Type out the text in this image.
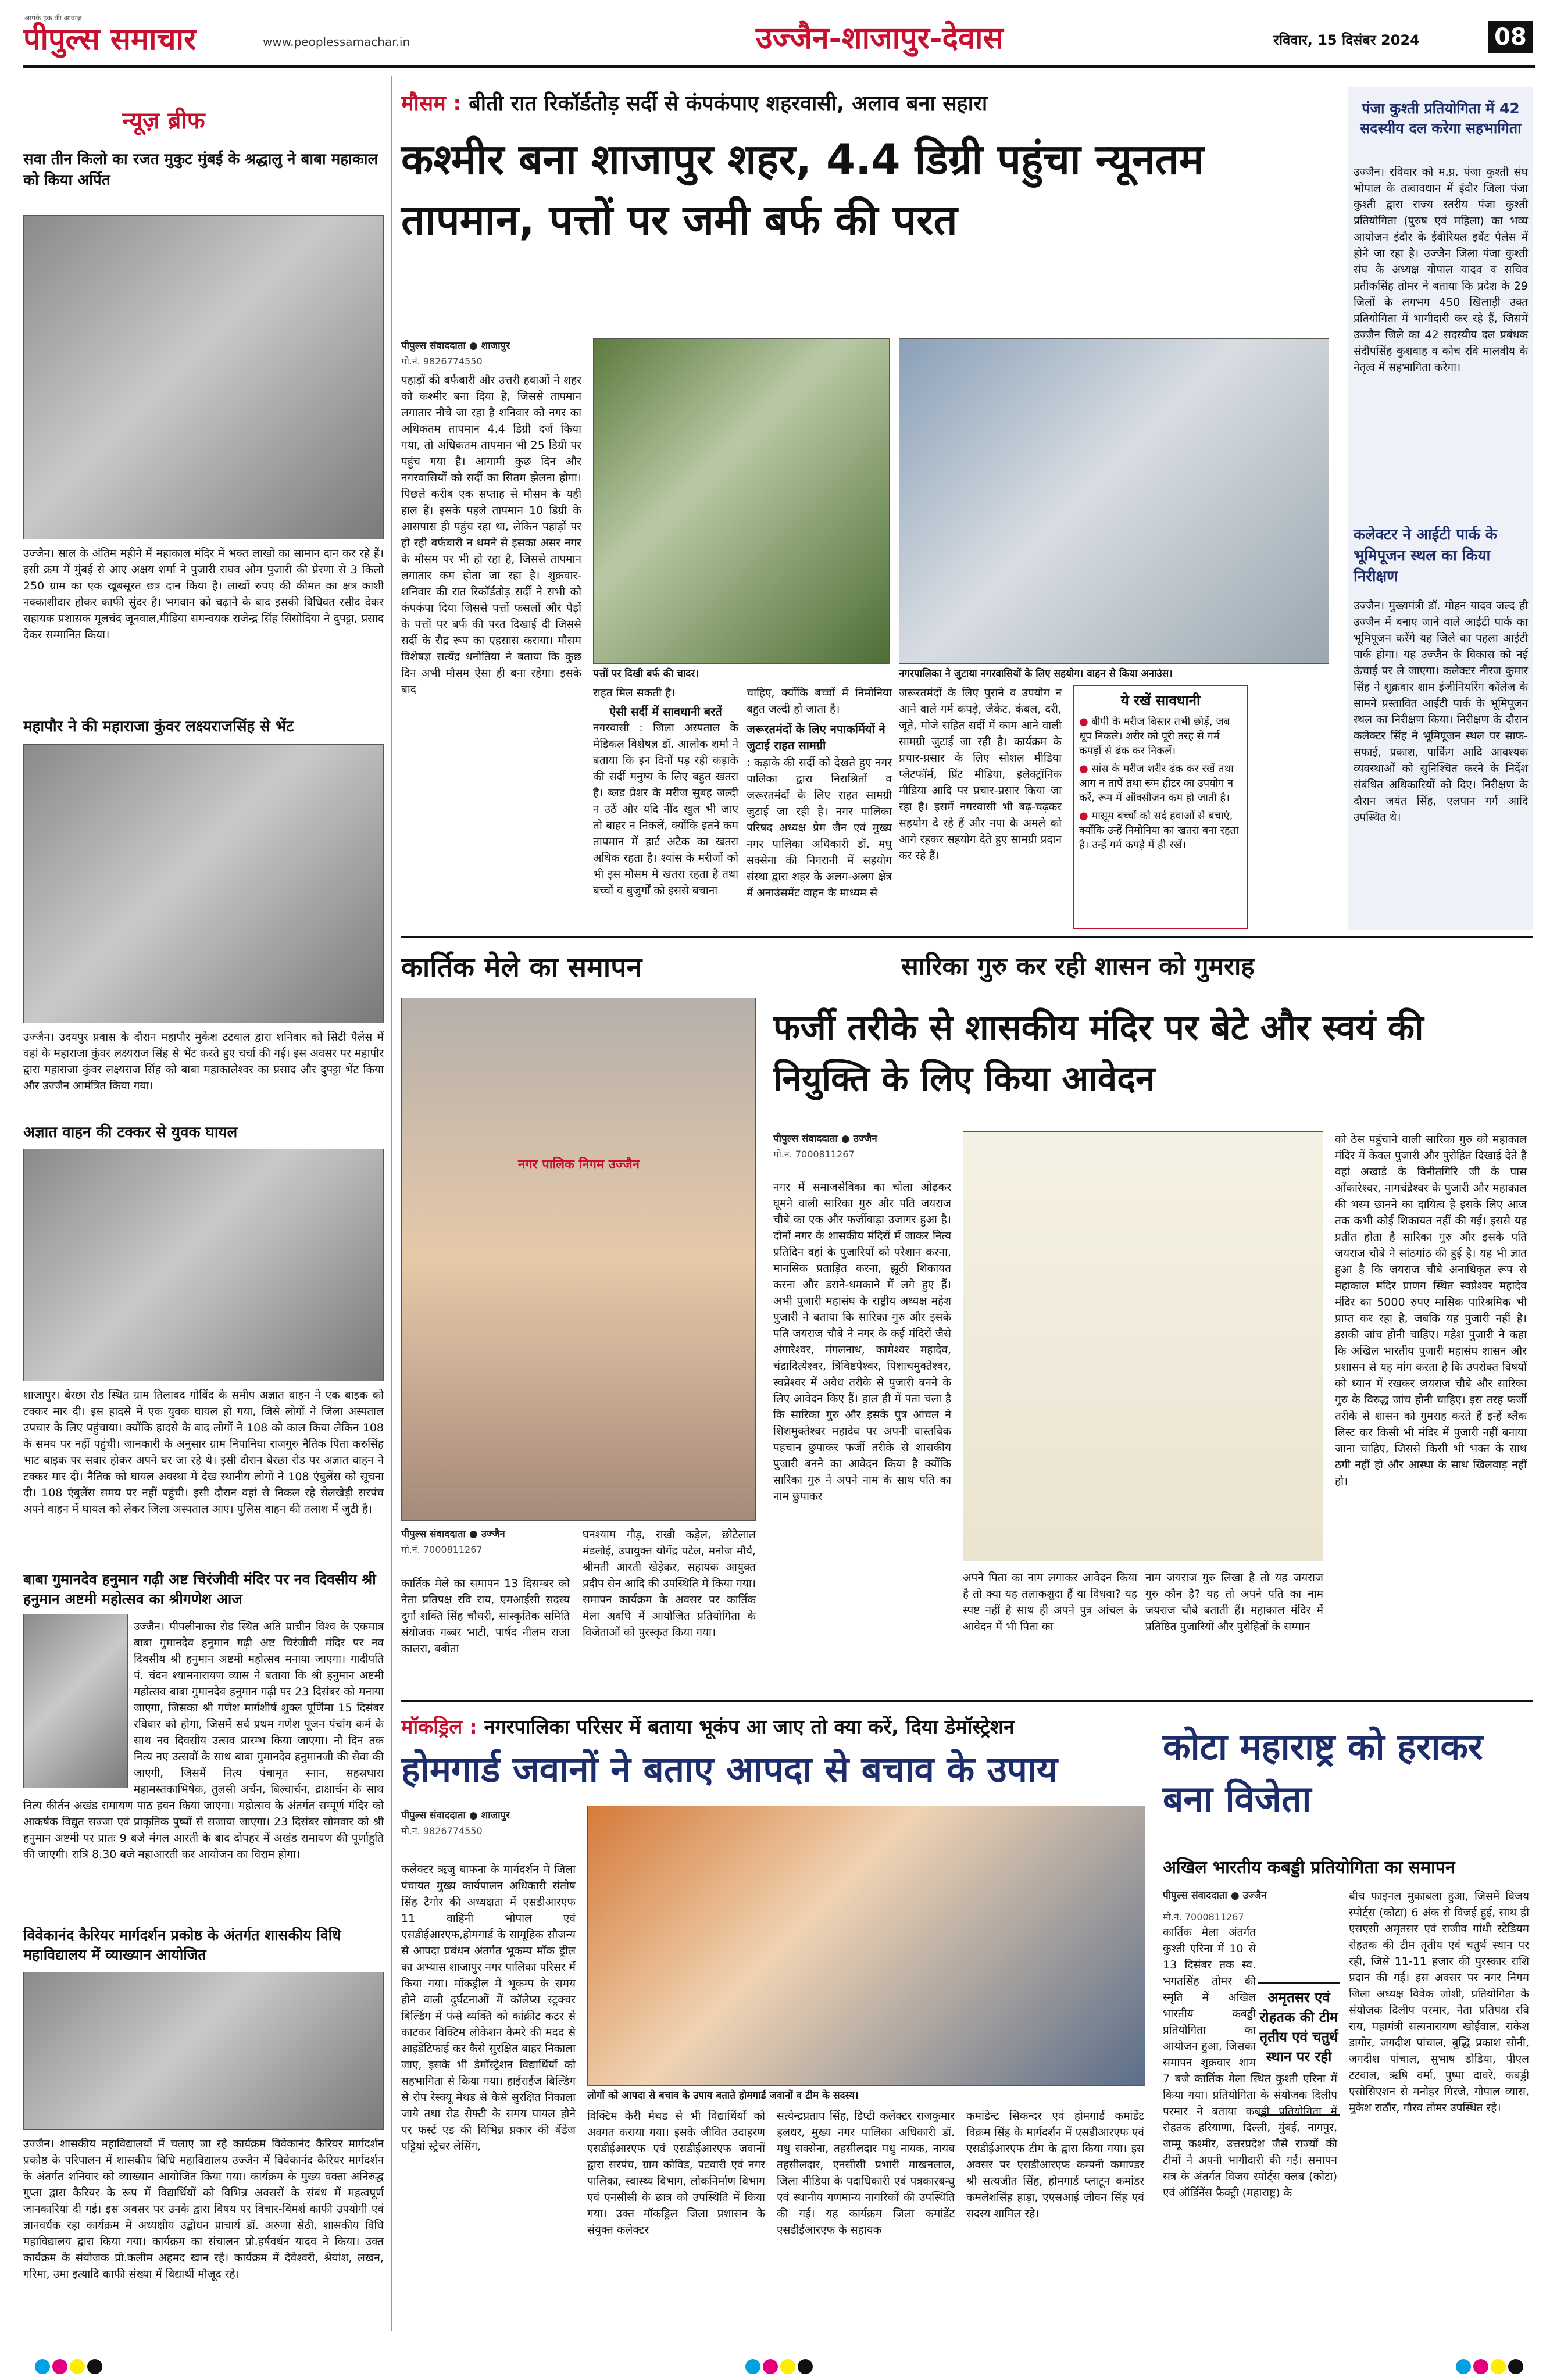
पीपुल्स समाचार
आपके हक की आवाज़
www.peoplessamachar.in	उज्जैन-शाजापुर-देवास	रविवार, 15 दिसंबर 2024	08
न्यूज़ ब्रीफ
सवा तीन किलो का रजत मुकुट मुंबई के श्रद्धालु ने बाबा महाकाल को किया अर्पित
उज्जैन। साल के अंतिम महीने में महाकाल मंदिर में भक्त लाखों का सामान दान कर रहे हैं। इसी क्रम में मुंबई से आए अक्षय शर्मा ने पुजारी राघव ओम पुजारी की प्रेरणा से 3 किलो 250 ग्राम का एक खूबसूरत छत्र दान किया है। लाखों रुपए की कीमत का क्षत्र काशी नक्काशीदार होकर काफी सुंदर है। भगवान को चढ़ाने के बाद इसकी विधिवत रसीद देकर सहायक प्रशासक मूलचंद जूनवाल,मीडिया समन्वयक राजेन्द्र सिंह सिसोदिया ने दुपट्टा, प्रसाद देकर सम्मानित किया।
महापौर ने की महाराजा कुंवर लक्ष्यराजसिंह से भेंट
उज्जैन। उदयपुर प्रवास के दौरान महापौर मुकेश टटवाल द्वारा शनिवार को सिटी पैलेस में वहां के महाराजा कुंवर लक्ष्यराज सिंह से भेंट करते हुए चर्चा की गई। इस अवसर पर महापौर द्वारा महाराजा कुंवर लक्ष्यराज सिंह को बाबा महाकालेश्वर का प्रसाद और दुपट्टा भेंट किया और उज्जैन आमंत्रित किया गया।
अज्ञात वाहन की टक्कर से युवक घायल
शाजापुर। बेरछा रोड स्थित ग्राम तिलावद गोविंद के समीप अज्ञात वाहन ने एक बाइक को टक्कर मार दी। इस हादसे में एक युवक घायल हो गया, जिसे लोगों ने जिला अस्पताल उपचार के लिए पहुंचाया। क्योंकि हादसे के बाद लोगों ने 108 को काल किया लेकिन 108 के समय पर नहीं पहुंची। जानकारी के अनुसार ग्राम निपानिया राजगुरु नैतिक पिता करुसिंह भाट बाइक पर सवार होकर अपने घर जा रहे थे। इसी दौरान बेरछा रोड पर अज्ञात वाहन ने टक्कर मार दी। नैतिक को घायल अवस्था में देख स्थानीय लोगों ने 108 एंबुलेंस को सूचना दी। 108 एंबुलेंस समय पर नहीं पहुंची। इसी दौरान वहां से निकल रहे सेलखेड़ी सरपंच अपने वाहन में घायल को लेकर जिला अस्पताल आए। पुलिस वाहन की तलाश में जुटी है।
बाबा गुमानदेव हनुमान गढ़ी अष्ट चिरंजीवी मंदिर पर नव दिवसीय श्री हनुमान अष्टमी महोत्सव का श्रीगणेश आज
उज्जैन। पीपलीनाका रोड स्थित अति प्राचीन विश्व के एकमात्र बाबा गुमानदेव हनुमान गढ़ी अष्ट चिरंजीवी मंदिर पर नव दिवसीय श्री हनुमान अष्टमी महोत्सव मनाया जाएगा। गादीपति पं. चंदन श्यामनारायण व्यास ने बताया कि श्री हनुमान अष्टमी महोत्सव बाबा गुमानदेव हनुमान गढ़ी पर 23 दिसंबर को मनाया जाएगा, जिसका श्री गणेश मार्गशीर्ष शुक्ल पूर्णिमा 15 दिसंबर रविवार को होगा, जिसमें सर्व प्रथम गणेश पूजन पंचांग कर्म के साथ नव दिवसीय उत्सव प्रारम्भ किया जाएगा। नौ दिन तक नित्य नए उत्सवों के साथ बाबा गुमानदेव हनुमानजी की सेवा की जाएगी, जिसमें नित्य पंचामृत स्नान, सहस्रधारा महामस्तकाभिषेक, तुलसी अर्चन, बिल्वार्चन, द्राक्षार्चन के साथ नित्य कीर्तन अखंड रामायण पाठ हवन किया जाएगा। महोत्सव के अंतर्गत सम्पूर्ण मंदिर को आकर्षक विद्युत सज्जा एवं प्राकृतिक पुष्पों से सजाया जाएगा। 23 दिसंबर सोमवार को श्री हनुमान अष्टमी पर प्रातः 9 बजे मंगल आरती के बाद दोपहर में अखंड रामायण की पूर्णाहुति की जाएगी। रात्रि 8.30 बजे महाआरती कर आयोजन का विराम होगा।
विवेकानंद कैरियर मार्गदर्शन प्रकोष्ठ के अंतर्गत शासकीय विधि महाविद्यालय में व्याख्यान आयोजित
उज्जैन। शासकीय महाविद्यालयों में चलाए जा रहे कार्यक्रम विवेकानंद कैरियर मार्गदर्शन प्रकोष्ठ के परिपालन में शासकीय विधि महाविद्यालय उज्जैन में विवेकानंद कैरियर मार्गदर्शन के अंतर्गत शनिवार को व्याख्यान आयोजित किया गया। कार्यक्रम के मुख्य वक्ता अनिरुद्ध गुप्ता द्वारा कैरियर के रूप में विद्यार्थियों को विभिन्न अवसरों के संबंध में महत्वपूर्ण जानकारियां दी गई। इस अवसर पर उनके द्वारा विषय पर विचार-विमर्श काफी उपयोगी एवं ज्ञानवर्धक रहा कार्यक्रम में अध्यक्षीय उद्बोधन प्राचार्य डॉ. अरुणा सेठी, शासकीय विधि महाविद्यालय द्वारा किया गया। कार्यक्रम का संचालन प्रो.हर्षवर्धन यादव ने किया। उक्त कार्यक्रम के संयोजक प्रो.कलीम अहमद खान रहे। कार्यक्रम में देवेश्वरी, श्रेयांश, लखन, गरिमा, उमा इत्यादि काफी संख्या में विद्यार्थी मौजूद रहे।
मौसम : बीती रात रिकॉर्डतोड़ सर्दी से कंपकंपाए शहरवासी, अलाव बना सहारा
कश्मीर बना शाजापुर शहर, 4.4 डिग्री पहुंचा न्यूनतम तापमान, पत्तों पर जमी बर्फ की परत
पीपुल्स संवाददाता ● शाजापुर
मो.नं. 9826774550
पहाड़ों की बर्फबारी और उत्तरी हवाओं ने शहर को कश्मीर बना दिया है, जिससे तापमान लगातार नीचे जा रहा है शनिवार को नगर का अधिकतम तापमान 4.4 डिग्री दर्ज किया गया, तो अधिकतम तापमान भी 25 डिग्री पर पहुंच गया है। आगामी कुछ दिन और नगरवासियों को सर्दी का सितम झेलना होगा। पिछले करीब एक सप्ताह से मौसम के यही हाल है। इसके पहले तापमान 10 डिग्री के आसपास ही पहुंच रहा था, लेकिन पहाड़ों पर हो रही बर्फबारी न थमने से इसका असर नगर के मौसम पर भी हो रहा है, जिससे तापमान लगातार कम होता जा रहा है। शुक्रवार-शनिवार की रात रिकॉर्डतोड़ सर्दी ने सभी को कंपकंपा दिया जिससे पत्तों फसलों और पेड़ों के पत्तों पर बर्फ की परत दिखाई दी जिससे सर्दी के रौद्र रूप का एहसास कराया। मौसम विशेषज्ञ सत्येंद्र धनोतिया ने बताया कि कुछ दिन अभी मौसम ऐसा ही बना रहेगा। इसके बाद
पत्तों पर दिखी बर्फ की चादर।
राहत मिल सकती है।
ऐसी सर्दी में सावधानी बरतें
नगरवासी : जिला अस्पताल के मेडिकल विशेषज्ञ डॉ. आलोक शर्मा ने बताया कि इन दिनों पड़ रही कड़ाके की सर्दी मनुष्य के लिए बहुत खतरा है। ब्लड प्रेशर के मरीज सुबह जल्दी न उठें और यदि नींद खुल भी जाए तो बाहर न निकलें, क्योंकि इतने कम तापमान में हार्ट अटैक का खतरा अधिक रहता है। श्वांस के मरीजों को भी इस मौसम में खतरा रहता है तथा बच्चों व बुजुर्गों को इससे बचाना
चाहिए, क्योंकि बच्चों में निमोनिया बहुत जल्दी हो जाता है।
जरूरतमंदों के लिए नपाकर्मियों ने जुटाई राहत सामग्री
: कड़ाके की सर्दी को देखते हुए नगर पालिका द्वारा निराश्रितों व जरूरतमंदों के लिए राहत सामग्री जुटाई जा रही है। नगर पालिका परिषद अध्यक्ष प्रेम जैन एवं मुख्य नगर पालिका अधिकारी डॉ. मधु सक्सेना की निगरानी में सहयोग संस्था द्वारा शहर के अलग-अलग क्षेत्र में अनाउंसमेंट वाहन के माध्यम से
नगरपालिका ने जुटाया नगरवासियों के लिए सहयोग। वाहन से किया अनाउंस।
जरूरतमंदों के लिए पुराने व उपयोग न आने वाले गर्म कपड़े, जैकेट, कंबल, दरी, जूते, मोजे सहित सर्दी में काम आने वाली सामग्री जुटाई जा रही है। कार्यक्रम के प्रचार-प्रसार के लिए सोशल मीडिया प्लेटफॉर्म, प्रिंट मीडिया, इलेक्ट्रॉनिक मीडिया आदि पर प्रचार-प्रसार किया जा रहा है। इसमें नगरवासी भी बढ़-चढ़कर सहयोग दे रहे हैं और नपा के अमले को आगे रहकर सहयोग देते हुए सामग्री प्रदान कर रहे हैं।
ये रखें सावधानी
● बीपी के मरीज बिस्तर तभी छोड़ें, जब धूप निकले। शरीर को पूरी तरह से गर्म कपड़ों से ढंक कर निकलें।
● सांस के मरीज शरीर ढंक कर रखें तथा आग न तापें तथा रूम हीटर का उपयोग न करें, रूम में ऑक्सीजन कम हो जाती है।
● मासूम बच्चों को सर्द हवाओं से बचाएं, क्योंकि उन्हें निमोनिया का खतरा बना रहता है। उन्हें गर्म कपड़े में ही रखें।
पंजा कुश्ती प्रतियोगिता में 42 सदस्यीय दल करेगा सहभागिता
उज्जैन। रविवार को म.प्र. पंजा कुश्ती संघ भोपाल के तत्वावधान में इंदौर जिला पंजा कुश्ती द्वारा राज्य स्तरीय पंजा कुश्ती प्रतियोगिता (पुरुष एवं महिला) का भव्य आयोजन इंदौर के ईवीरियल इवेंट पैलेस में होने जा रहा है। उज्जैन जिला पंजा कुश्ती संघ के अध्यक्ष गोपाल यादव व सचिव प्रतीकसिंह तोमर ने बताया कि प्रदेश के 29 जिलों के लगभग 450 खिलाड़ी उक्त प्रतियोगिता में भागीदारी कर रहे हैं, जिसमें उज्जैन जिले का 42 सदस्यीय दल प्रबंधक संदीपसिंह कुशवाह व कोच रवि मालवीय के नेतृत्व में सहभागिता करेगा।
कलेक्टर ने आईटी पार्क के भूमिपूजन स्थल का किया निरीक्षण
उज्जैन। मुख्यमंत्री डॉ. मोहन यादव जल्द ही उज्जैन में बनाए जाने वाले आईटी पार्क का भूमिपूजन करेंगे यह जिले का पहला आईटी पार्क होगा। यह उज्जैन के विकास को नई ऊंचाई पर ले जाएगा। कलेक्टर नीरज कुमार सिंह ने शुक्रवार शाम इंजीनियरिंग कॉलेज के सामने प्रस्तावित आईटी पार्क के भूमिपूजन स्थल का निरीक्षण किया। निरीक्षण के दौरान कलेक्टर सिंह ने भूमिपूजन स्थल पर साफ-सफाई, प्रकाश, पार्किंग आदि आवश्यक व्यवस्थाओं को सुनिश्चित करने के निर्देश संबंधित अधिकारियों को दिए। निरीक्षण के दौरान जयंत सिंह, एलपान गर्ग आदि उपस्थित थे।
कार्तिक मेले का समापन
नगर पालिक निगम उज्जैन
पीपुल्स संवाददाता ● उज्जैन
मो.नं. 7000811267
कार्तिक मेले का समापन 13 दिसम्बर को नेता प्रतिपक्ष रवि राय, एमआईसी सदस्य दुर्गा शक्ति सिंह चौधरी, सांस्कृतिक समिति संयोजक गब्बर भाटी, पार्षद नीलम राजा कालरा, बबीता
घनश्याम गौड़, राखी कड़ेल, छोटेलाल मंडलोई, उपायुक्त योगेंद्र पटेल, मनोज मौर्य, श्रीमती आरती खेड़ेकर, सहायक आयुक्त प्रदीप सेन आदि की उपस्थिति में किया गया। समापन कार्यक्रम के अवसर पर कार्तिक मेला अवधि में आयोजित प्रतियोगिता के विजेताओं को पुरस्कृत किया गया।
सारिका गुरु कर रही शासन को गुमराह
फर्जी तरीके से शासकीय मंदिर पर बेटे और स्वयं की नियुक्ति के लिए किया आवेदन
पीपुल्स संवाददाता ● उज्जैन
मो.नं. 7000811267
नगर में समाजसेविका का चोला ओढ़कर घूमने वाली सारिका गुरु और पति जयराज चौबे का एक और फर्जीवाड़ा उजागर हुआ है। दोनों नगर के शासकीय मंदिरों में जाकर नित्य प्रतिदिन वहां के पुजारियों को परेशान करना, मानसिक प्रताड़ित करना, झूठी शिकायत करना और डराने-धमकाने में लगे हुए हैं। अभी पुजारी महासंघ के राष्ट्रीय अध्यक्ष महेश पुजारी ने बताया कि सारिका गुरु और इसके पति जयराज चौबे ने नगर के कई मंदिरों जैसे अंगारेश्वर, मंगलनाथ, कामेश्वर महादेव, चंद्रादित्येश्वर, त्रिविष्टपेश्वर, पिशाचमुक्तेश्वर, स्वप्नेश्वर में अवैध तरीके से पुजारी बनने के लिए आवेदन किए हैं। हाल ही में पता चला है कि सारिका गुरु और इसके पुत्र आंचल ने शिशमुक्तेश्वर महादेव पर अपनी वास्तविक पहचान छुपाकर फर्जी तरीके से शासकीय पुजारी बनने का आवेदन किया है क्योंकि सारिका गुरु ने अपने नाम के साथ पति का नाम छुपाकर
अपने पिता का नाम लगाकर आवेदन किया है तो क्या यह तलाकशुदा हैं या विधवा? यह स्पष्ट नहीं है साथ ही अपने पुत्र आंचल के आवेदन में भी पिता का
नाम जयराज गुरु लिखा है तो यह जयराज गुरु कौन है? यह तो अपने पति का नाम जयराज चौबे बताती हैं। महाकाल मंदिर में प्रतिष्ठित पुजारियों और पुरोहितों के सम्मान
को ठेस पहुंचाने वाली सारिका गुरु को महाकाल मंदिर में केवल पुजारी और पुरोहित दिखाई देते हैं वहां अखाड़े के विनीतगिरि जी के पास ओंकारेश्वर, नागचंद्रेश्वर के पुजारी और महाकाल की भस्म छानने का दायित्व है इसके लिए आज तक कभी कोई शिकायत नहीं की गई। इससे यह प्रतीत होता है सारिका गुरु और इसके पति जयराज चौबे ने सांठगांठ की हुई है। यह भी ज्ञात हुआ है कि जयराज चौबे अनाधिकृत रूप से महाकाल मंदिर प्राणग स्थित स्वप्नेश्वर महादेव मंदिर का 5000 रुपए मासिक पारिश्रमिक भी प्राप्त कर रहा है, जबकि यह पुजारी नहीं है। इसकी जांच होनी चाहिए। महेश पुजारी ने कहा कि अखिल भारतीय पुजारी महासंघ शासन और प्रशासन से यह मांग करता है कि उपरोक्त विषयों को ध्यान में रखकर जयराज चौबे और सारिका गुरु के विरुद्ध जांच होनी चाहिए। इस तरह फर्जी तरीके से शासन को गुमराह करते हैं इन्हें ब्लैक लिस्ट कर किसी भी मंदिर में पुजारी नहीं बनाया जाना चाहिए, जिससे किसी भी भक्त के साथ ठगी नहीं हो और आस्था के साथ खिलवाड़ नहीं हो।
मॉकड्रिल : नगरपालिका परिसर में बताया भूकंप आ जाए तो क्या करें, दिया डेमॉस्ट्रेशन
होमगार्ड जवानों ने बताए आपदा से बचाव के उपाय
पीपुल्स संवाददाता ● शाजापुर
मो.नं. 9826774550
कलेक्टर ऋजु बाफना के मार्गदर्शन में जिला पंचायत मुख्य कार्यपालन अधिकारी संतोष सिंह टैगोर की अध्यक्षता में एसडीआरएफ 11 वाहिनी भोपाल एवं एसडीईआरएफ,होमगार्ड के सामूहिक सौजन्य से आपदा प्रबंधन अंतर्गत भूकम्प मॉक ड्रील का अभ्यास शाजापुर नगर पालिका परिसर में किया गया। मॉकड्रील में भूकम्प के समय होने वाली दुर्घटनाओं में कॉलेप्स स्ट्रक्चर बिल्डिंग में फंसे व्यक्ति को कांक्रीट कटर से काटकर विक्टिम लोकेशन कैमरे की मदद से आइडेंटिफाई कर कैसे सुरक्षित बाहर निकाला जाए, इसके भी डेमॉस्ट्रेशन विद्यार्थियों को सहभागिता से किया गया। हाईराईज बिल्डिंग से रोप रेस्क्यू मेथड से कैसे सुरक्षित निकाला जाये तथा रोड सेफ्टी के समय घायल होने पर फर्स्ट एड की विभिन्न प्रकार की बेंडेज पट्टियां स्ट्रेचर लेसिंग,
लोगों को आपदा से बचाव के उपाय बताते होमगार्ड जवानों व टीम के सदस्य।
विक्टिम केरी मेथड से भी विद्यार्थियों को अवगत कराया गया। इसके जीवित उदाहरण एसडीईआरएफ एवं एसडीईआरएफ जवानों द्वारा सरपंच, ग्राम कोविड, पटवारी एवं नगर पालिका, स्वास्थ्य विभाग, लोकनिर्माण विभाग एवं एनसीसी के छात्र को उपस्थिति में किया गया। उक्त मॉकड्रिल जिला प्रशासन के संयुक्त कलेक्टर
सत्येन्द्रप्रताप सिंह, डिप्टी कलेक्टर राजकुमार हलधर, मुख्य नगर पालिका अधिकारी डॉ. मधु सक्सेना, तहसीलदार मधु नायक, नायब तहसीलदार, एनसीसी प्रभारी माखनलाल, जिला मीडिया के पदाधिकारी एवं पत्रकारबन्धु एवं स्थानीय गणमान्य नागरिकों की उपस्थिति की गई। यह कार्यक्रम जिला कमांडेंट एसडीईआरएफ के सहायक
कमांडेन्ट सिकन्दर एवं होमगार्ड कमांडेंट विक्रम सिंह के मार्गदर्शन में एसडीआरएफ एवं एसडीईआरएफ टीम के द्वारा किया गया। इस अवसर पर एसडीआरएफ कम्पनी कमाण्डर श्री सत्यजीत सिंह, होमगार्ड प्लाटून कमांडर कमलेशसिंह हाड़ा, एएसआई जीवन सिंह एवं सदस्य शामिल रहे।
कोटा महाराष्ट्र को हराकर बना विजेता
अखिल भारतीय कबड्डी प्रतियोगिता का समापन
पीपुल्स संवाददाता ● उज्जैन
मो.नं. 7000811267
कार्तिक मेला अंतर्गत कुश्ती एरिना में 10 से 13 दिसंबर तक स्व. भगतसिंह तोमर की स्मृति में अखिल भारतीय कबड्डी प्रतियोगिता का आयोजन हुआ, जिसका समापन शुक्रवार शाम 7 बजे कार्तिक मेला स्थित कुश्ती एरिना में किया गया। प्रतियोगिता के संयोजक दिलीप परमार ने बताया कबड्डी प्रतियोगिता में रोहतक हरियाणा, दिल्ली, मुंबई, नागपुर, जम्मू कश्मीर, उत्तरप्रदेश जैसे राज्यों की टीमों ने अपनी भागीदारी की गई। समापन सत्र के अंतर्गत विजय स्पोर्ट्स क्लब (कोटा) एवं ऑर्डिनेंस फैक्ट्री (महाराष्ट्र) के
अमृतसर एवं रोहतक की टीम तृतीय एवं चतुर्थ स्थान पर रही
बीच फाइनल मुकाबला हुआ, जिसमें विजय स्पोर्ट्स (कोटा) 6 अंक से विजई हुई, साथ ही एसएसी अमृतसर एवं राजीव गांधी स्टेडियम रोहतक की टीम तृतीय एवं चतुर्थ स्थान पर रही, जिसे 11-11 हजार की पुरस्कार राशि प्रदान की गई। इस अवसर पर नगर निगम जिला अध्यक्ष विवेक जोशी, प्रतियोगिता के संयोजक दिलीप परमार, नेता प्रतिपक्ष रवि राय, महामंत्री सत्यनारायण खोईवाल, राकेश डागोर, जगदीश पांचाल, बुद्धि प्रकाश सोनी, जगदीश पांचाल, सुभाष डोडिया, पीएल टटवाल, ऋषि वर्मा, पुष्पा दावरे, कबड्डी एसोसिएशन से मनोहर गिरजे, गोपाल व्यास, मुकेश राठौर, गौरव तोमर उपस्थित रहे।
